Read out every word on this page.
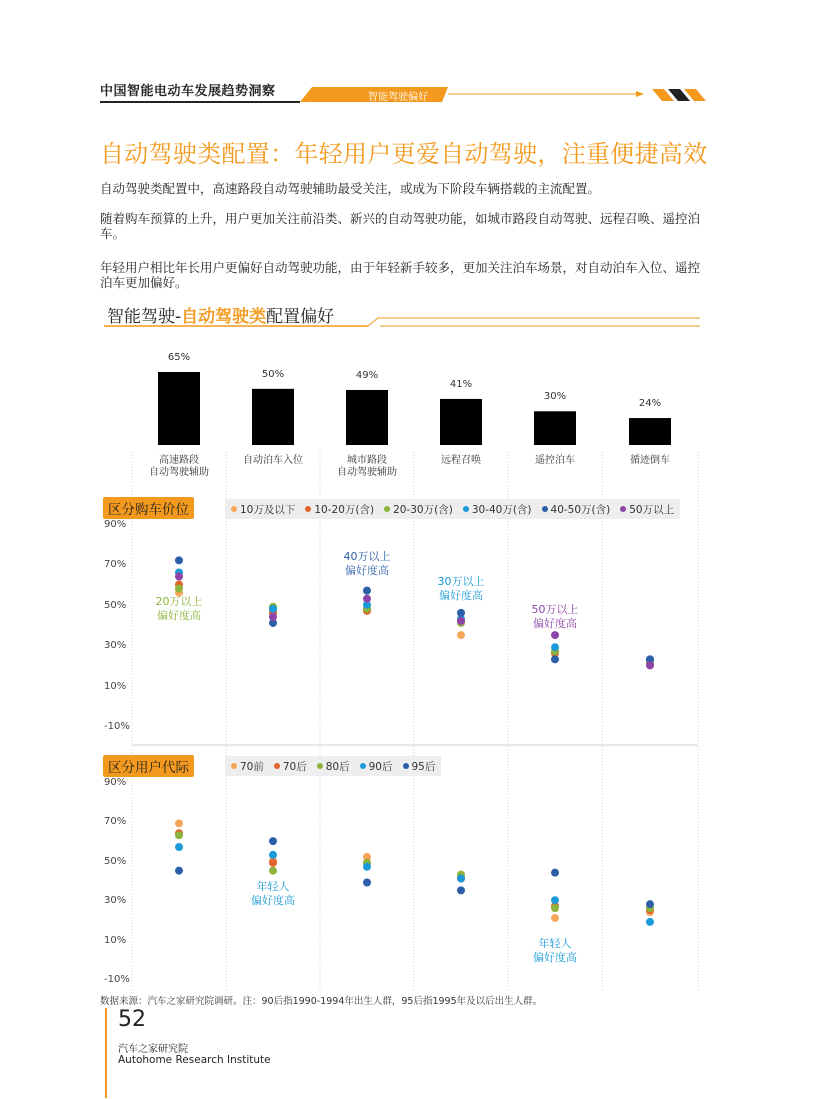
中国智能电动车发展趋势洞察	智能驾驶偏好
自动驾驶类配置：年轻用户更爱自动驾驶，注重便捷高效
自动驾驶类配置中，高速路段自动驾驶辅助最受关注，或成为下阶段车辆搭载的主流配置。
随着购车预算的上升，用户更加关注前沿类、新兴的自动驾驶功能，如城市路段自动驾驶、远程召唤、遥控泊车。
年轻用户相比年长用户更偏好自动驾驶功能，由于年轻新手较多，更加关注泊车场景，对自动泊车入位、遥控泊车更加偏好。
智能驾驶-自动驾驶类配置偏好
65%
高速路段
自动驾驶辅助
50%
自动泊车入位
49%
城市路段
自动驾驶辅助
41%
远程召唤
30%
遥控泊车
24%
循迹倒车
区分购车价位	10万及以下 10-20万(含) 20-30万(含) 30-40万(含) 40-50万(含) 50万以上
90%
70%
50%
30%
10%
-10%
20万以上
偏好度高
40万以上
偏好度高
30万以上
偏好度高
50万以上
偏好度高
区分用户代际	70前 70后 80后 90后 95后
90%
70%
50%
30%
10%
-10%
年轻人
偏好度高
年轻人
偏好度高
数据来源：汽车之家研究院调研。注：90后指1990-1994年出生人群，95后指1995年及以后出生人群。
52
汽车之家研究院
Autohome Research Institute
